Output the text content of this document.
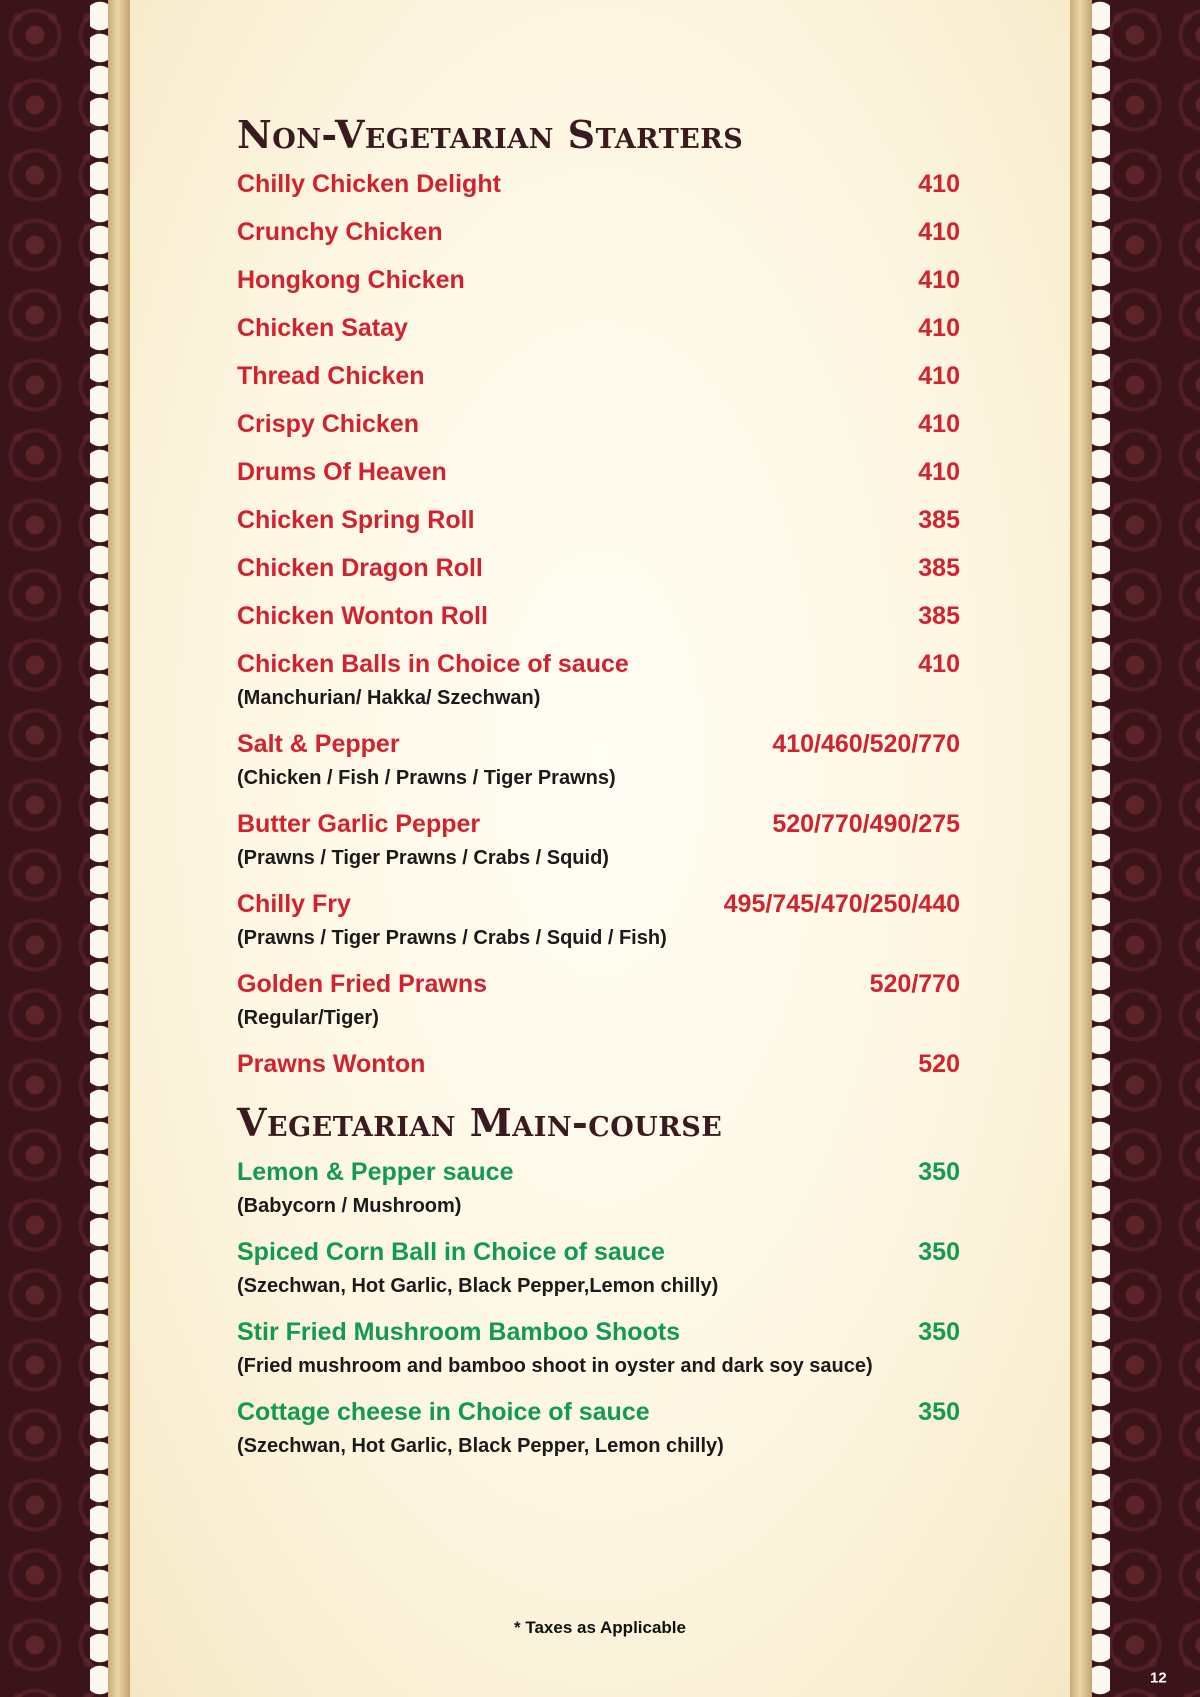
Non-Vegetarian Starters
Chilly Chicken Delight	410
Crunchy Chicken	410
Hongkong Chicken	410
Chicken Satay	410
Thread Chicken	410
Crispy Chicken	410
Drums Of Heaven	410
Chicken Spring Roll	385
Chicken Dragon Roll	385
Chicken Wonton Roll	385
Chicken Balls in Choice of sauce	410
(Manchurian/ Hakka/ Szechwan)
Salt & Pepper	410/460/520/770
(Chicken / Fish / Prawns / Tiger Prawns)
Butter Garlic Pepper	520/770/490/275
(Prawns / Tiger Prawns / Crabs / Squid)
Chilly Fry	495/745/470/250/440
(Prawns / Tiger Prawns / Crabs / Squid / Fish)
Golden Fried Prawns	520/770
(Regular/Tiger)
Prawns Wonton	520
Vegetarian Main-course
Lemon & Pepper sauce	350
(Babycorn / Mushroom)
Spiced Corn Ball in Choice of sauce	350
(Szechwan, Hot Garlic, Black Pepper,Lemon chilly)
Stir Fried Mushroom Bamboo Shoots	350
(Fried mushroom and bamboo shoot in oyster and dark soy sauce)
Cottage cheese in Choice of sauce	350
(Szechwan, Hot Garlic, Black Pepper, Lemon chilly)
* Taxes as Applicable
12
